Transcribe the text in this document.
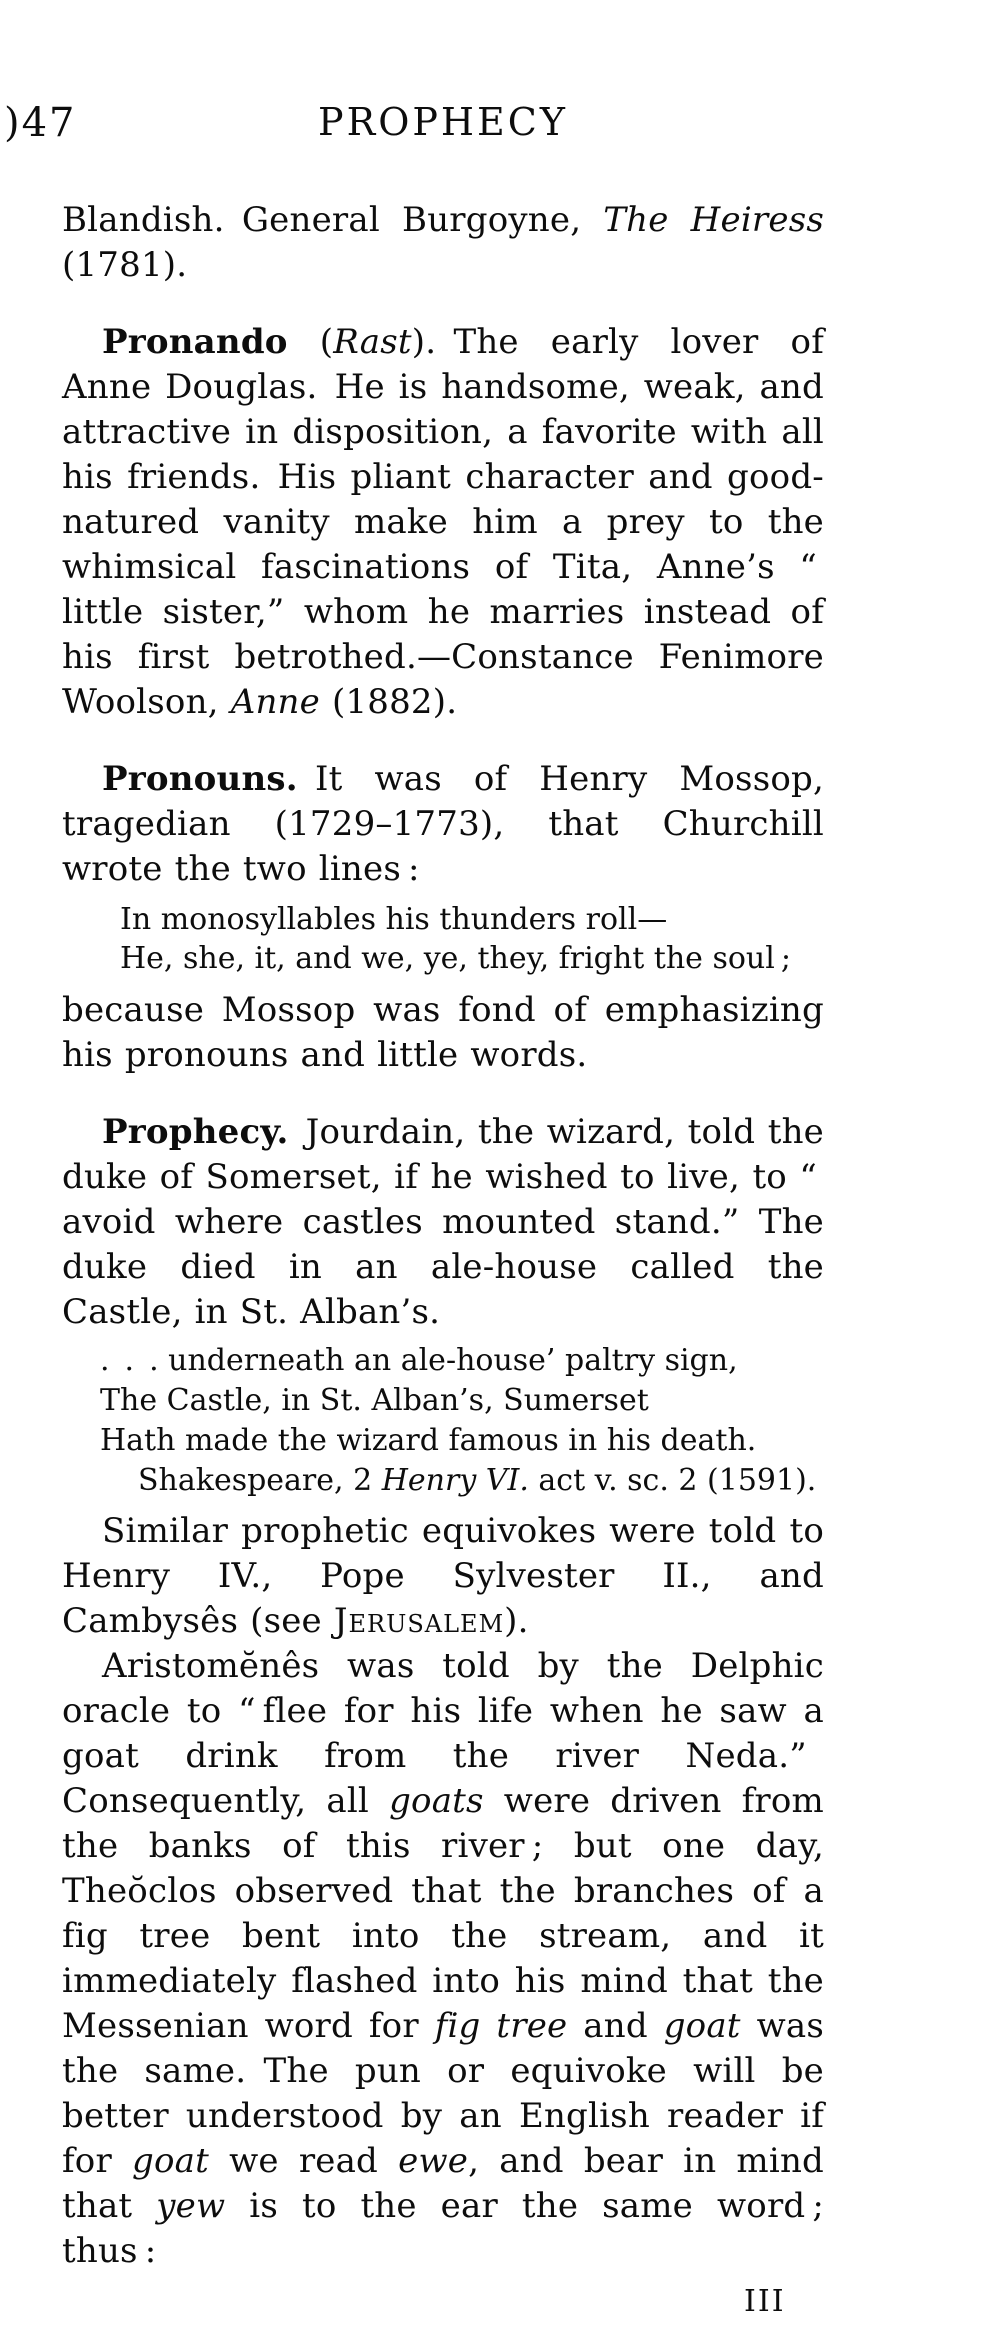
)47	PROPHECY

Blandish. General Burgoyne, The Heiress (1781).

Pronando (Rast). The early lover of Anne Douglas. He is handsome, weak, and attractive in disposition, a favorite with all his friends. His pliant character and good-natured vanity make him a prey to the whimsical fascinations of Tita, Anne’s “ little sister,” whom he marries instead of his first betrothed.—Constance Fenimore Woolson, Anne (1882).

Pronouns. It was of Henry Mossop, tragedian (1729–1773), that Churchill wrote the two lines :

In monosyllables his thunders roll—
He, she, it, and we, ye, they, fright the soul ;

because Mossop was fond of emphasizing his pronouns and little words.

Prophecy. Jourdain, the wizard, told the duke of Somerset, if he wished to live, to “ avoid where castles mounted stand.” The duke died in an ale-house called the Castle, in St. Alban’s.

. . . underneath an ale-house’ paltry sign,
The Castle, in St. Alban’s, Sumerset
Hath made the wizard famous in his death.
Shakespeare, 2 Henry VI. act v. sc. 2 (1591).

Similar prophetic equivokes were told to Henry IV., Pope Sylvester II., and Cambysês (see Jerusalem).

Aristomĕnês was told by the Delphic oracle to “ flee for his life when he saw a goat drink from the river Neda.” Consequently, all goats were driven from the banks of this river ; but one day, Theŏclos observed that the branches of a fig tree bent into the stream, and it immediately flashed into his mind that the Messenian word for fig tree and goat was the same. The pun or equivoke will be better understood by an English reader if for goat we read ewe, and bear in mind that yew is to the ear the same word ; thus :

III
